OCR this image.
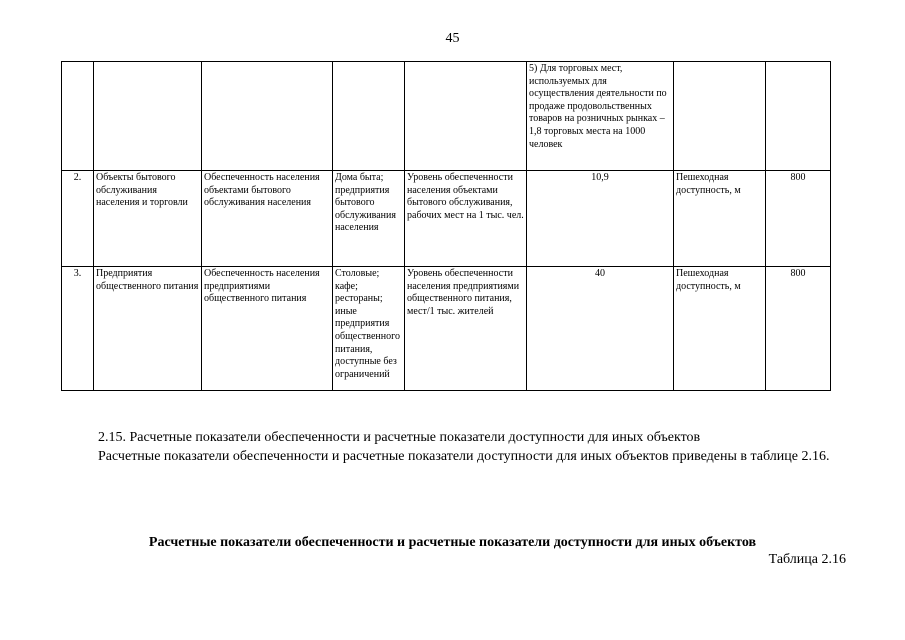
45
					5) Для торговых мест, используемых для осуществления деятельности по продаже продовольственных товаров на розничных рынках – 1,8 торговых места на 1000 человек		
2.	Объекты бытового обслуживания населения и торговли	Обеспеченность населения объектами бытового обслуживания населения	Дома быта; предприятия бытового обслуживания населения	Уровень обеспеченности населения объектами бытового обслуживания, рабочих мест на 1 тыс. чел.	10,9	Пешеходная доступность, м	800
3.	Предприятия общественного питания	Обеспеченность населения предприятиями общественного питания	Столовые; кафе; рестораны; иные предприятия общественного питания, доступные без ограничений	Уровень обеспеченности населения предприятиями общественного питания, мест/1 тыс. жителей	40	Пешеходная доступность, м	800
2.15. Расчетные показатели обеспеченности и расчетные показатели доступности для иных объектов
Расчетные показатели обеспеченности и расчетные показатели доступности для иных объектов приведены в таблице 2.16.
Расчетные показатели обеспеченности и расчетные показатели доступности для иных объектов
Таблица 2.16
